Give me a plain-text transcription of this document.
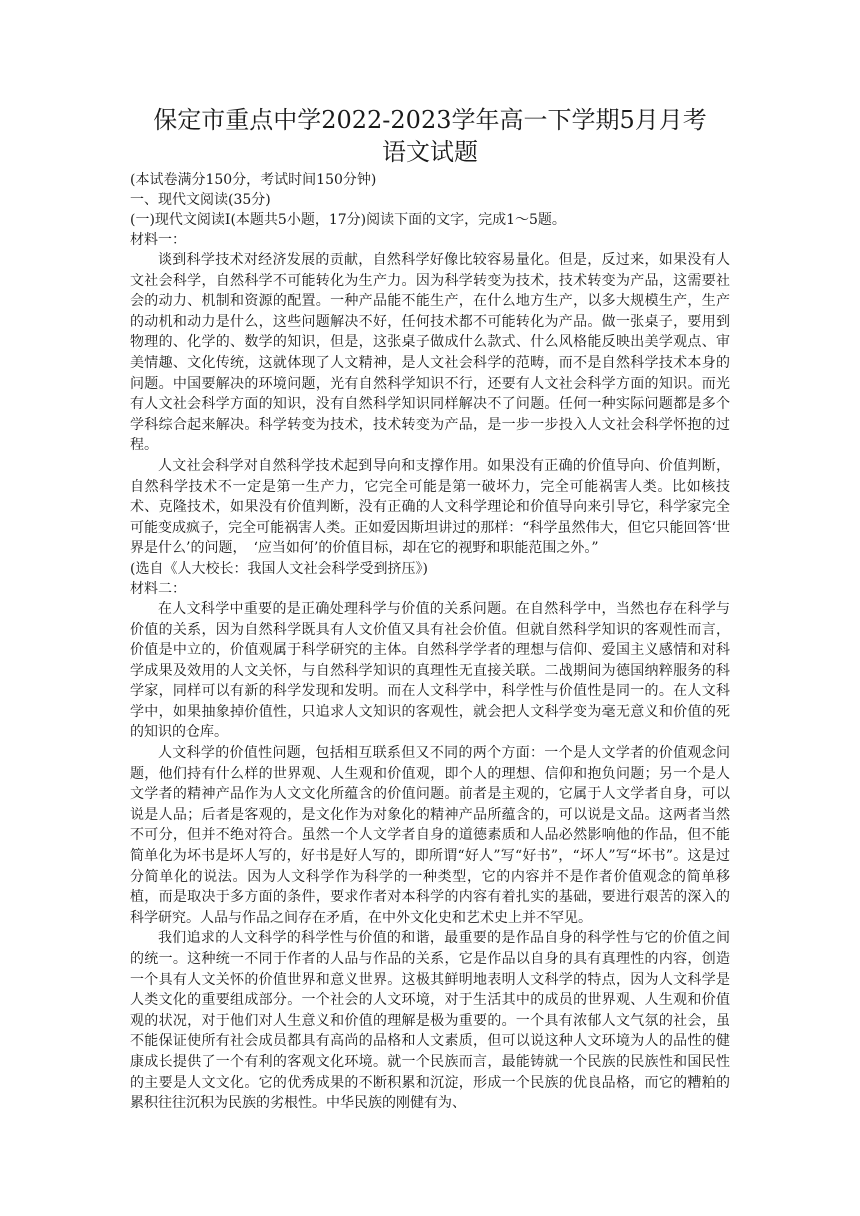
保定市重点中学2022-2023学年高一下学期5月月考
语文试题

(本试卷满分150分，考试时间150分钟)

一、现代文阅读(35分)

(一)现代文阅读I(本题共5小题，17分)阅读下面的文字，完成1～5题。

材料一：

谈到科学技术对经济发展的贡献，自然科学好像比较容易量化。但是，反过来，如果没有人文社会科学，自然科学不可能转化为生产力。因为科学转变为技术，技术转变为产品，这需要社会的动力、机制和资源的配置。一种产品能不能生产，在什么地方生产，以多大规模生产，生产的动机和动力是什么，这些问题解决不好，任何技术都不可能转化为产品。做一张桌子，要用到物理的、化学的、数学的知识，但是，这张桌子做成什么款式、什么风格能反映出美学观点、审美情趣、文化传统，这就体现了人文精神，是人文社会科学的范畴，而不是自然科学技术本身的问题。中国要解决的环境问题，光有自然科学知识不行，还要有人文社会科学方面的知识。而光有人文社会科学方面的知识，没有自然科学知识同样解决不了问题。任何一种实际问题都是多个学科综合起来解决。科学转变为技术，技术转变为产品，是一步一步投入人文社会科学怀抱的过程。

人文社会科学对自然科学技术起到导向和支撑作用。如果没有正确的价值导向、价值判断，自然科学技术不一定是第一生产力，它完全可能是第一破坏力，完全可能祸害人类。比如核技术、克隆技术，如果没有价值判断，没有正确的人文科学理论和价值导向来引导它，科学家完全可能变成疯子，完全可能祸害人类。正如爱因斯坦讲过的那样：“科学虽然伟大，但它只能回答‘世界是什么’的问题，　‘应当如何’的价值目标，却在它的视野和职能范围之外。”

(选自《人大校长：我国人文社会科学受到挤压》)

材料二：

在人文科学中重要的是正确处理科学与价值的关系问题。在自然科学中，当然也存在科学与价值的关系，因为自然科学既具有人文价值又具有社会价值。但就自然科学知识的客观性而言，价值是中立的，价值观属于科学研究的主体。自然科学学者的理想与信仰、爱国主义感情和对科学成果及效用的人文关怀，与自然科学知识的真理性无直接关联。二战期间为德国纳粹服务的科学家，同样可以有新的科学发现和发明。而在人文科学中，科学性与价值性是同一的。在人文科学中，如果抽象掉价值性，只追求人文知识的客观性，就会把人文科学变为毫无意义和价值的死的知识的仓库。

人文科学的价值性问题，包括相互联系但又不同的两个方面：一个是人文学者的价值观念问题，他们持有什么样的世界观、人生观和价值观，即个人的理想、信仰和抱负问题；另一个是人文学者的精神产品作为人文文化所蕴含的价值问题。前者是主观的，它属于人文学者自身，可以说是人品；后者是客观的，是文化作为对象化的精神产品所蕴含的，可以说是文品。这两者当然不可分，但并不绝对符合。虽然一个人文学者自身的道德素质和人品必然影响他的作品，但不能简单化为坏书是坏人写的，好书是好人写的，即所谓“好人”写“好书”，“坏人”写“坏书”。这是过分简单化的说法。因为人文科学作为科学的一种类型，它的内容并不是作者价值观念的简单移植，而是取决于多方面的条件，要求作者对本科学的内容有着扎实的基础，要进行艰苦的深入的科学研究。人品与作品之间存在矛盾，在中外文化史和艺术史上并不罕见。

我们追求的人文科学的科学性与价值的和谐，最重要的是作品自身的科学性与它的价值之间的统一。这种统一不同于作者的人品与作品的关系，它是作品以自身的具有真理性的内容，创造一个具有人文关怀的价值世界和意义世界。这极其鲜明地表明人文科学的特点，因为人文科学是人类文化的重要组成部分。一个社会的人文环境，对于生活其中的成员的世界观、人生观和价值观的状况，对于他们对人生意义和价值的理解是极为重要的。一个具有浓郁人文气氛的社会，虽不能保证使所有社会成员都具有高尚的品格和人文素质，但可以说这种人文环境为人的品性的健康成长提供了一个有利的客观文化环境。就一个民族而言，最能铸就一个民族的民族性和国民性的主要是人文文化。它的优秀成果的不断积累和沉淀，形成一个民族的优良品格，而它的糟粕的累积往往沉积为民族的劣根性。中华民族的刚健有为、
